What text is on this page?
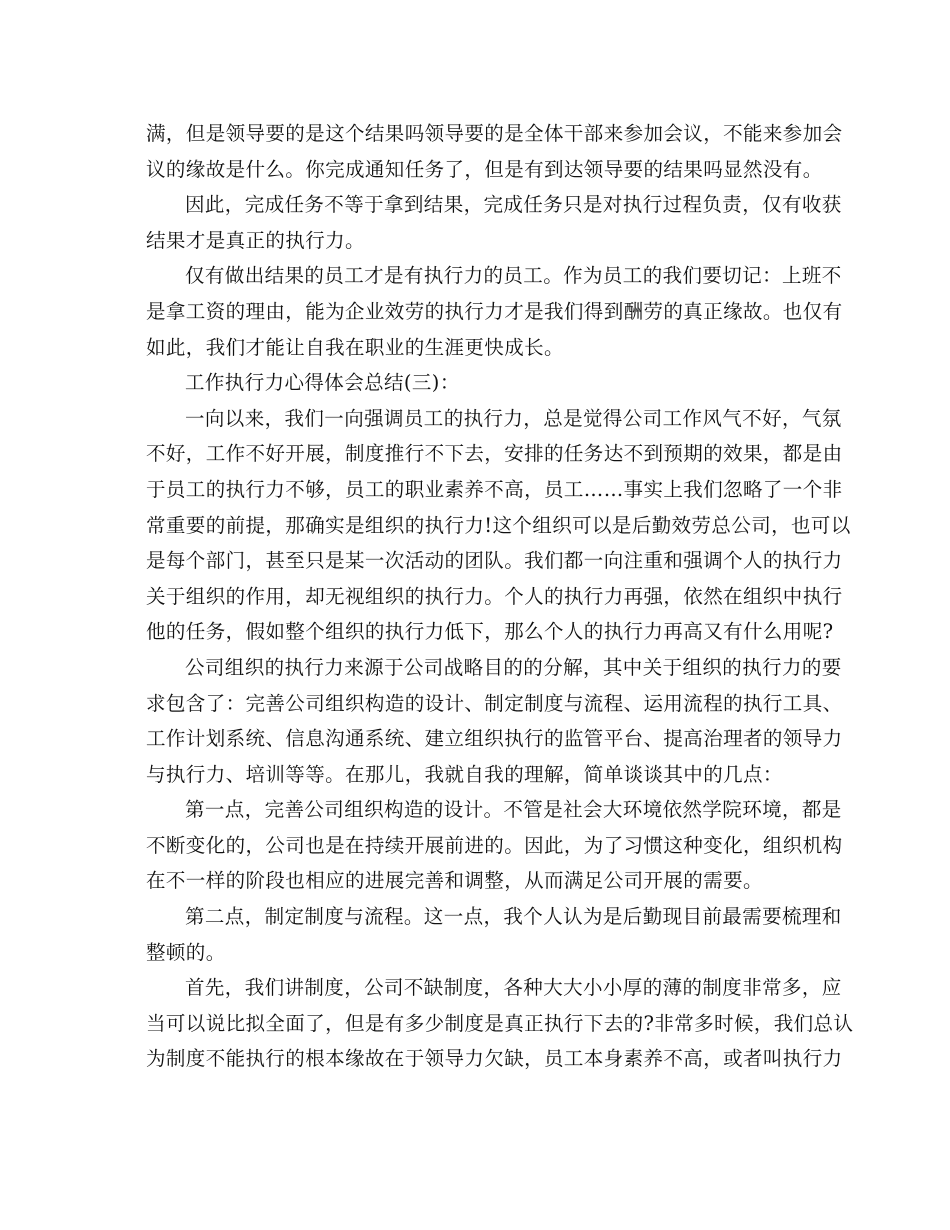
满，但是领导要的是这个结果吗领导要的是全体干部来参加会议，不能来参加会
议的缘故是什么。你完成通知任务了，但是有到达领导要的结果吗显然没有。
因此，完成任务不等于拿到结果，完成任务只是对执行过程负责，仅有收获
结果才是真正的执行力。
仅有做出结果的员工才是有执行力的员工。作为员工的我们要切记：上班不
是拿工资的理由，能为企业效劳的执行力才是我们得到酬劳的真正缘故。也仅有
如此，我们才能让自我在职业的生涯更快成长。
工作执行力心得体会总结(三)：
一向以来，我们一向强调员工的执行力，总是觉得公司工作风气不好，气氛
不好，工作不好开展，制度推行不下去，安排的任务达不到预期的效果，都是由
于员工的执行力不够，员工的职业素养不高，员工……事实上我们忽略了一个非
常重要的前提，那确实是组织的执行力!这个组织可以是后勤效劳总公司，也可以
是每个部门，甚至只是某一次活动的团队。我们都一向注重和强调个人的执行力
关于组织的作用，却无视组织的执行力。个人的执行力再强，依然在组织中执行
他的任务，假如整个组织的执行力低下，那么个人的执行力再高又有什么用呢?
公司组织的执行力来源于公司战略目的的分解，其中关于组织的执行力的要
求包含了：完善公司组织构造的设计、制定制度与流程、运用流程的执行工具、
工作计划系统、信息沟通系统、建立组织执行的监管平台、提高治理者的领导力
与执行力、培训等等。在那儿，我就自我的理解，简单谈谈其中的几点：
第一点，完善公司组织构造的设计。不管是社会大环境依然学院环境，都是
不断变化的，公司也是在持续开展前进的。因此，为了习惯这种变化，组织机构
在不一样的阶段也相应的进展完善和调整，从而满足公司开展的需要。
第二点，制定制度与流程。这一点，我个人认为是后勤现目前最需要梳理和
整顿的。
首先，我们讲制度，公司不缺制度，各种大大小小厚的薄的制度非常多，应
当可以说比拟全面了，但是有多少制度是真正执行下去的?非常多时候，我们总认
为制度不能执行的根本缘故在于领导力欠缺，员工本身素养不高，或者叫执行力
